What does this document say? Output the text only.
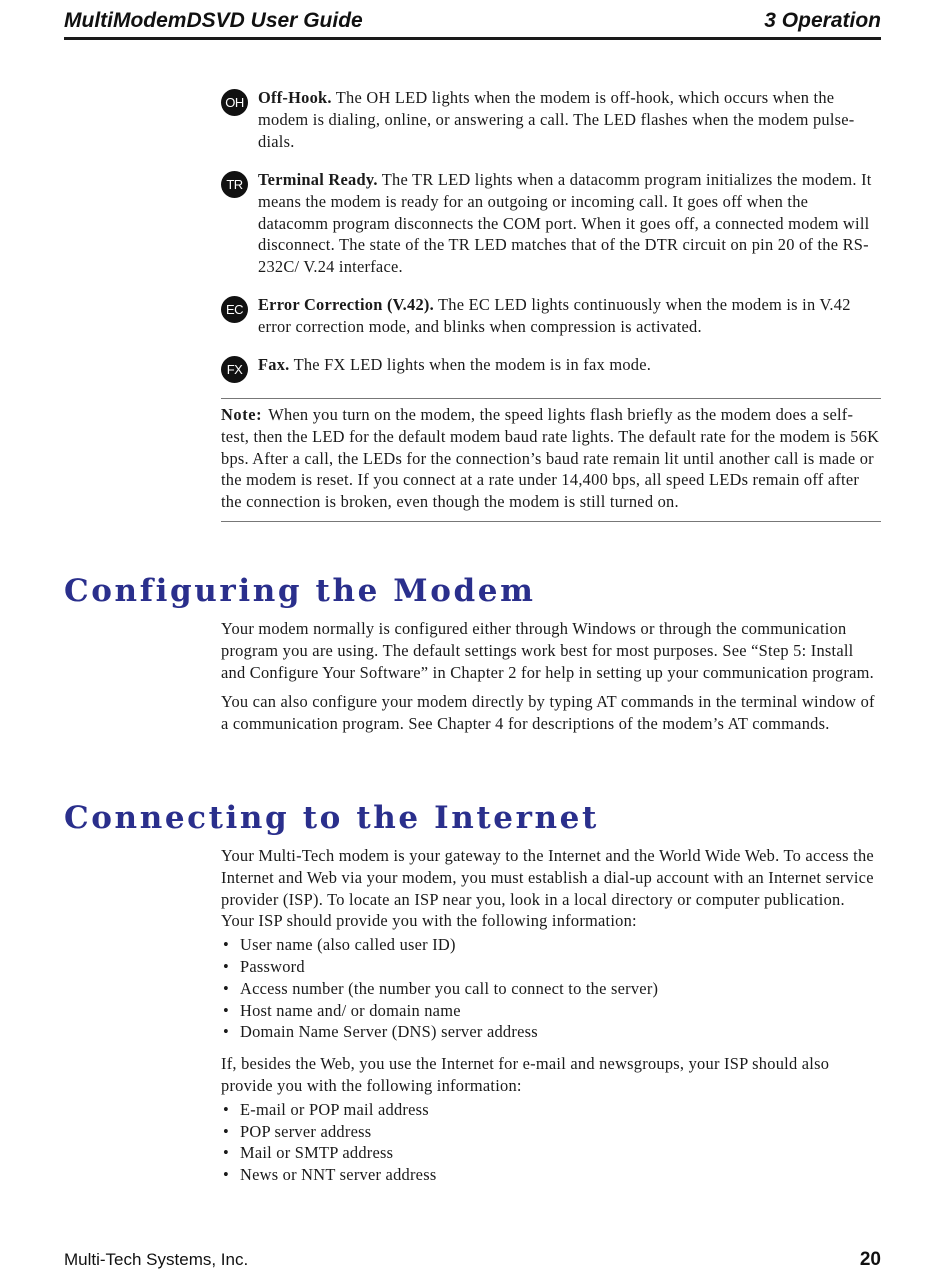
MultiModemDSVD User Guide	3 Operation
OH Off-Hook. The OH LED lights when the modem is off-hook, which occurs when the modem is dialing, online, or answering a call. The LED flashes when the modem pulse-dials.
TR Terminal Ready. The TR LED lights when a datacomm program initializes the modem. It means the modem is ready for an outgoing or incoming call. It goes off when the datacomm program disconnects the COM port. When it goes off, a connected modem will disconnect. The state of the TR LED matches that of the DTR circuit on pin 20 of the RS-232C/ V.24 interface.
EC Error Correction (V.42). The EC LED lights continuously when the modem is in V.42 error correction mode, and blinks when compression is activated.
FX Fax. The FX LED lights when the modem is in fax mode.
Note: When you turn on the modem, the speed lights flash briefly as the modem does a self-test, then the LED for the default modem baud rate lights. The default rate for the modem is 56K bps. After a call, the LEDs for the connection’s baud rate remain lit until another call is made or the modem is reset. If you connect at a rate under 14,400 bps, all speed LEDs remain off after the connection is broken, even though the modem is still turned on.
Configuring the Modem

Your modem normally is configured either through Windows or through the communication program you are using. The default settings work best for most purposes. See “Step 5: Install and Configure Your Software” in Chapter 2 for help in setting up your communication program.

You can also configure your modem directly by typing AT commands in the terminal window of a communication program. See Chapter 4 for descriptions of the modem’s AT commands.

Connecting to the Internet

Your Multi-Tech modem is your gateway to the Internet and the World Wide Web. To access the Internet and Web via your modem, you must establish a dial-up account with an Internet service provider (ISP). To locate an ISP near you, look in a local directory or computer publication. Your ISP should provide you with the following information:

• User name (also called user ID)
• Password
• Access number (the number you call to connect to the server)
• Host name and/ or domain name
• Domain Name Server (DNS) server address

If, besides the Web, you use the Internet for e-mail and newsgroups, your ISP should also provide you with the following information:

• E-mail or POP mail address
• POP server address
• Mail or SMTP address
• News or NNT server address
Multi-Tech Systems, Inc.	20
